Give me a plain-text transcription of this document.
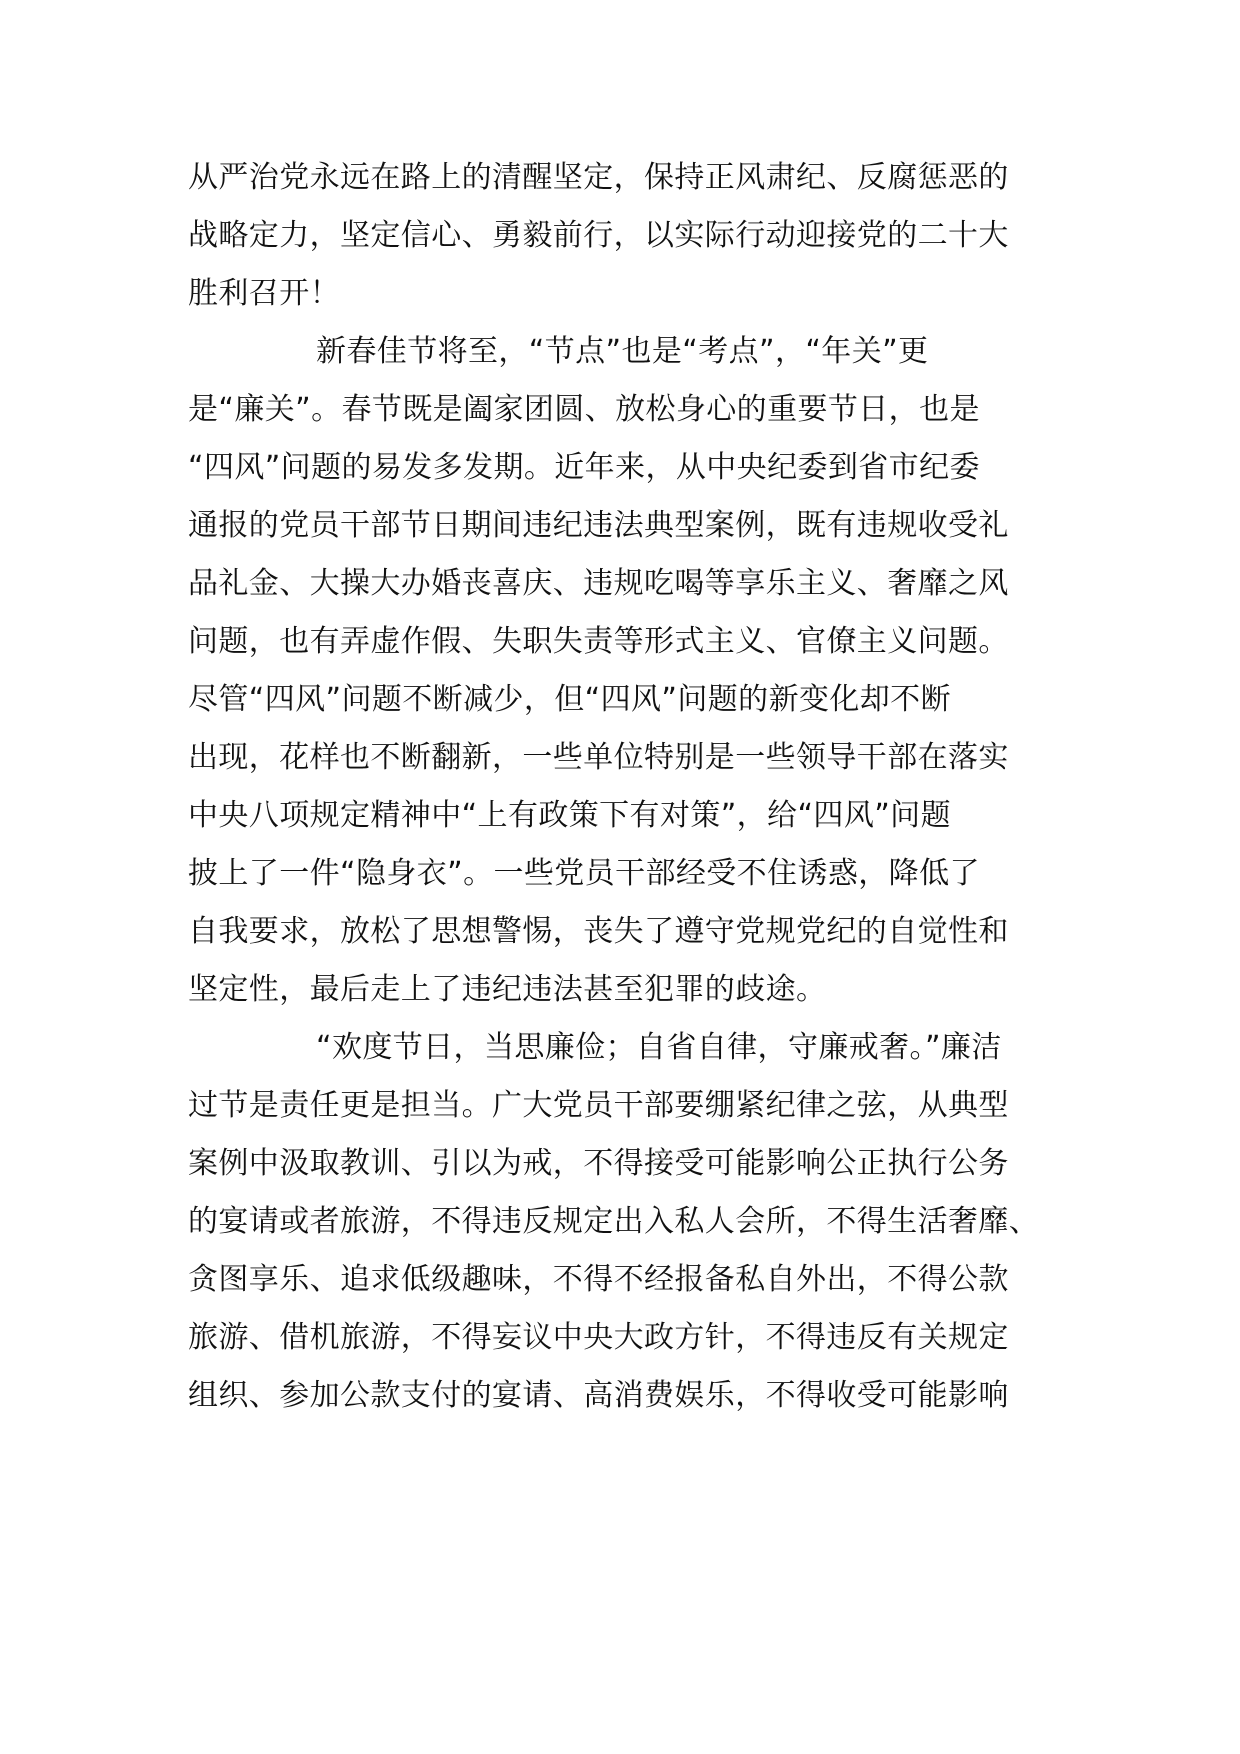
从严治党永远在路上的清醒坚定，保持正风肃纪、反腐惩恶的
战略定力，坚定信心、勇毅前行，以实际行动迎接党的二十大
胜利召开！
新春佳节将至，“节点”也是“考点”，“年关”更
是“廉关”。春节既是阖家团圆、放松身心的重要节日，也是
“四风”问题的易发多发期。近年来，从中央纪委到省市纪委
通报的党员干部节日期间违纪违法典型案例，既有违规收受礼
品礼金、大操大办婚丧喜庆、违规吃喝等享乐主义、奢靡之风
问题，也有弄虚作假、失职失责等形式主义、官僚主义问题。
尽管“四风”问题不断减少，但“四风”问题的新变化却不断
出现，花样也不断翻新，一些单位特别是一些领导干部在落实
中央八项规定精神中“上有政策下有对策”，给“四风”问题
披上了一件“隐身衣”。一些党员干部经受不住诱惑，降低了
自我要求，放松了思想警惕，丧失了遵守党规党纪的自觉性和
坚定性，最后走上了违纪违法甚至犯罪的歧途。
“欢度节日，当思廉俭；自省自律，守廉戒奢。”廉洁
过节是责任更是担当。广大党员干部要绷紧纪律之弦，从典型
案例中汲取教训、引以为戒，不得接受可能影响公正执行公务
的宴请或者旅游，不得违反规定出入私人会所，不得生活奢靡、
贪图享乐、追求低级趣味，不得不经报备私自外出，不得公款
旅游、借机旅游，不得妄议中央大政方针，不得违反有关规定
组织、参加公款支付的宴请、高消费娱乐，不得收受可能影响
